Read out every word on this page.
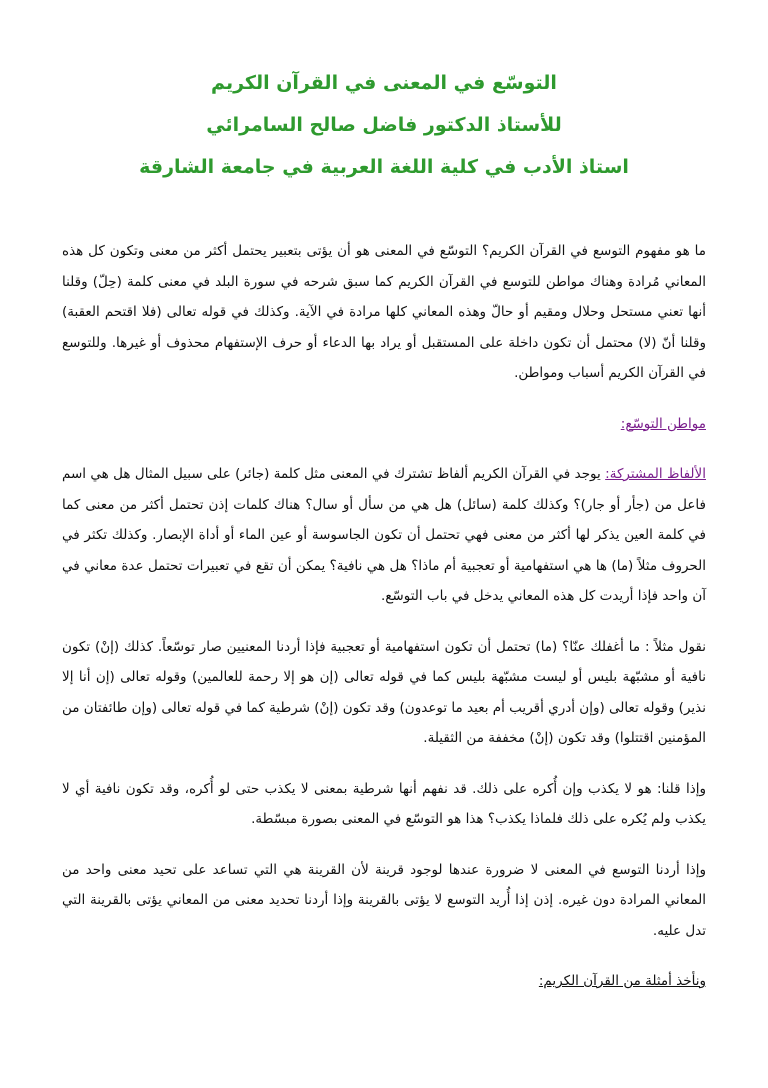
التوسّع في المعنى في القرآن الكريم
للأستاذ الدكتور فاضل صالح السامرائي
استاذ الأدب في كلية اللغة العربية في جامعة الشارقة

ما هو مفهوم التوسع في القرآن الكريم؟ التوسّع في المعنى هو أن يؤتى بتعبير يحتمل أكثر من معنى وتكون كل هذه المعاني مُرادة وهناك مواطن للتوسع في القرآن الكريم كما سبق شرحه في سورة البلد في معنى كلمة (حِلّ) وقلنا أنها تعني مستحل وحلال ومقيم أو حالّ وهذه المعاني كلها مرادة في الآية. وكذلك في قوله تعالى (فلا اقتحم العقبة) وقلنا أنّ (لا) محتمل أن تكون داخلة على المستقبل أو يراد بها الدعاء أو حرف الإستفهام محذوف أو غيرها. وللتوسع في القرآن الكريم أسباب ومواطن.

مواطن التوسّع:

الألفاظ المشتركة: يوجد في القرآن الكريم ألفاظ تشترك في المعنى مثل كلمة (جائر) على سبيل المثال هل هي اسم فاعل من (جأر أو جار)؟ وكذلك كلمة (سائل) هل هي من سأل أو سال؟ هناك كلمات إذن تحتمل أكثر من معنى كما في كلمة العين يذكر لها أكثر من معنى فهي تحتمل أن تكون الجاسوسة أو عين الماء أو أداة الإبصار. وكذلك تكثر في الحروف مثلاً (ما) ها هي استفهامية أو تعجبية أم ماذا؟ هل هي نافية؟ يمكن أن تقع في تعبيرات تحتمل عدة معاني في آن واحد فإذا أريدت كل هذه المعاني يدخل في باب التوسّع.

نقول مثلاً : ما أغفلك عنّا؟ (ما) تحتمل أن تكون استفهامية أو تعجبية فإذا أردنا المعنيين صار توسّعاً. كذلك (إنْ) تكون نافية أو مشبّهة بليس أو ليست مشبّهة بليس كما في قوله تعالى (إن هو إلا رحمة للعالمين) وقوله تعالى (إن أنا إلا نذير) وقوله تعالى (وإن أدري أقريب أم بعيد ما توعدون) وقد تكون (إنْ) شرطية كما في قوله تعالى (وإن طائفتان من المؤمنين اقتتلوا) وقد تكون (إنْ) مخففة من الثقيلة.

وإذا قلنا: هو لا يكذب وإن أُكره على ذلك. قد نفهم أنها شرطية بمعنى لا يكذب حتى لو أُكره، وقد تكون نافية أي لا يكذب ولم يُكره على ذلك فلماذا يكذب؟ هذا هو التوسّع في المعنى بصورة مبسّطة.

وإذا أردنا التوسع في المعنى لا ضرورة عندها لوجود قرينة لأن القرينة هي التي تساعد على تحيد معنى واحد من المعاني المرادة دون غيره. إذن إذا أُريد التوسع لا يؤتى بالقرينة وإذا أردنا تحديد معنى من المعاني يؤتى بالقرينة التي تدل عليه.

ونأخذ أمثلة من القرآن الكريم:
